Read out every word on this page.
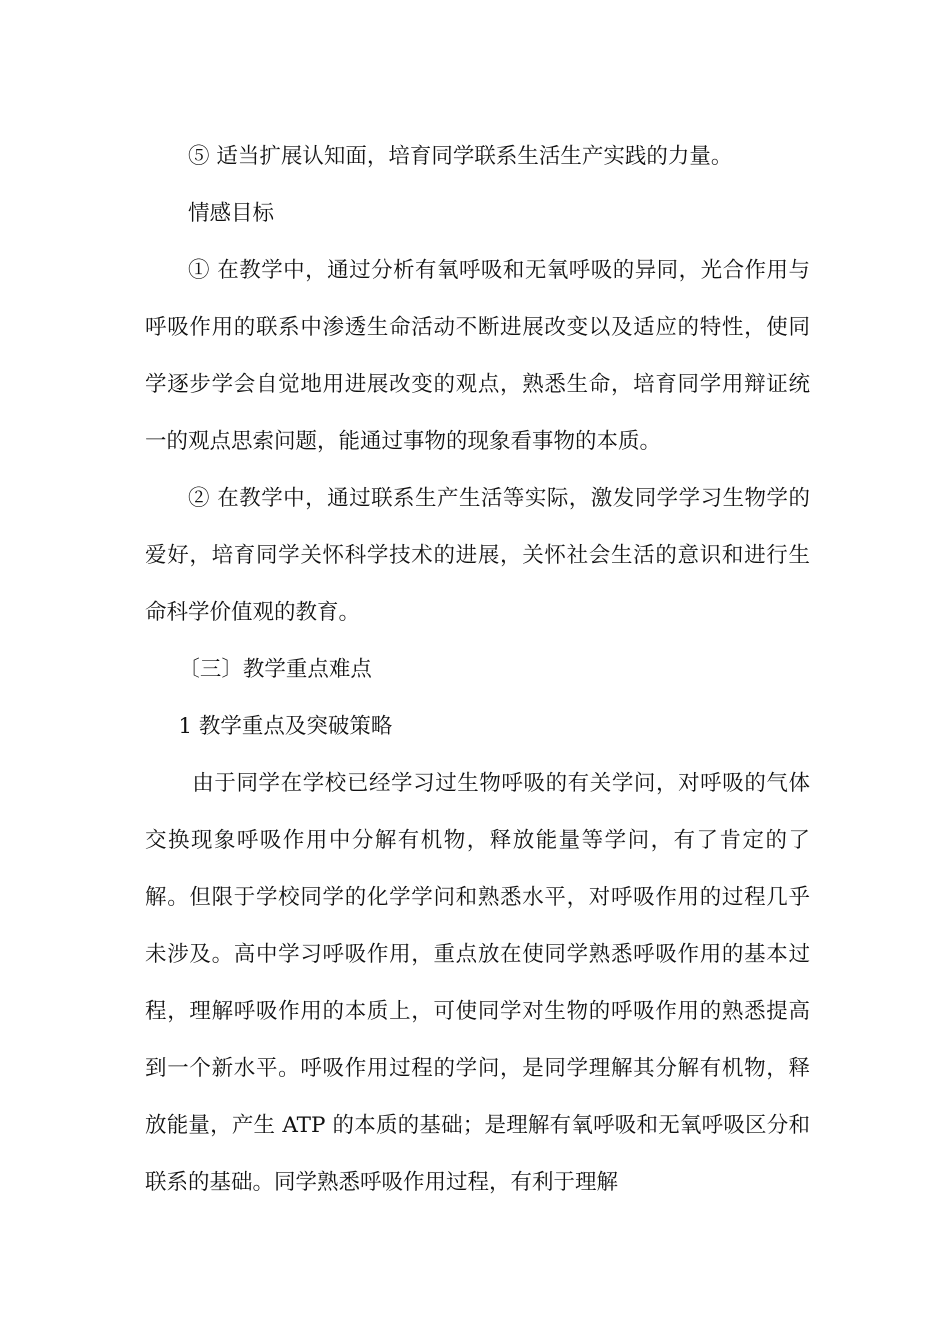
⑤ 适当扩展认知面，培育同学联系生活生产实践的力量。

情感目标

① 在教学中，通过分析有氧呼吸和无氧呼吸的异同，光合作用与呼吸作用的联系中渗透生命活动不断进展改变以及适应的特性，使同学逐步学会自觉地用进展改变的观点，熟悉生命，培育同学用辩证统一的观点思索问题，能通过事物的现象看事物的本质。

② 在教学中，通过联系生产生活等实际，激发同学学习生物学的爱好，培育同学关怀科学技术的进展，关怀社会生活的意识和进行生命科学价值观的教育。

〔三〕教学重点难点

1 教学重点及突破策略

由于同学在学校已经学习过生物呼吸的有关学问，对呼吸的气体交换现象呼吸作用中分解有机物，释放能量等学问，有了肯定的了解。但限于学校同学的化学学问和熟悉水平，对呼吸作用的过程几乎未涉及。高中学习呼吸作用，重点放在使同学熟悉呼吸作用的基本过程，理解呼吸作用的本质上，可使同学对生物的呼吸作用的熟悉提高到一个新水平。呼吸作用过程的学问，是同学理解其分解有机物，释放能量，产生 ATP 的本质的基础；是理解有氧呼吸和无氧呼吸区分和联系的基础。同学熟悉呼吸作用过程，有利于理解
